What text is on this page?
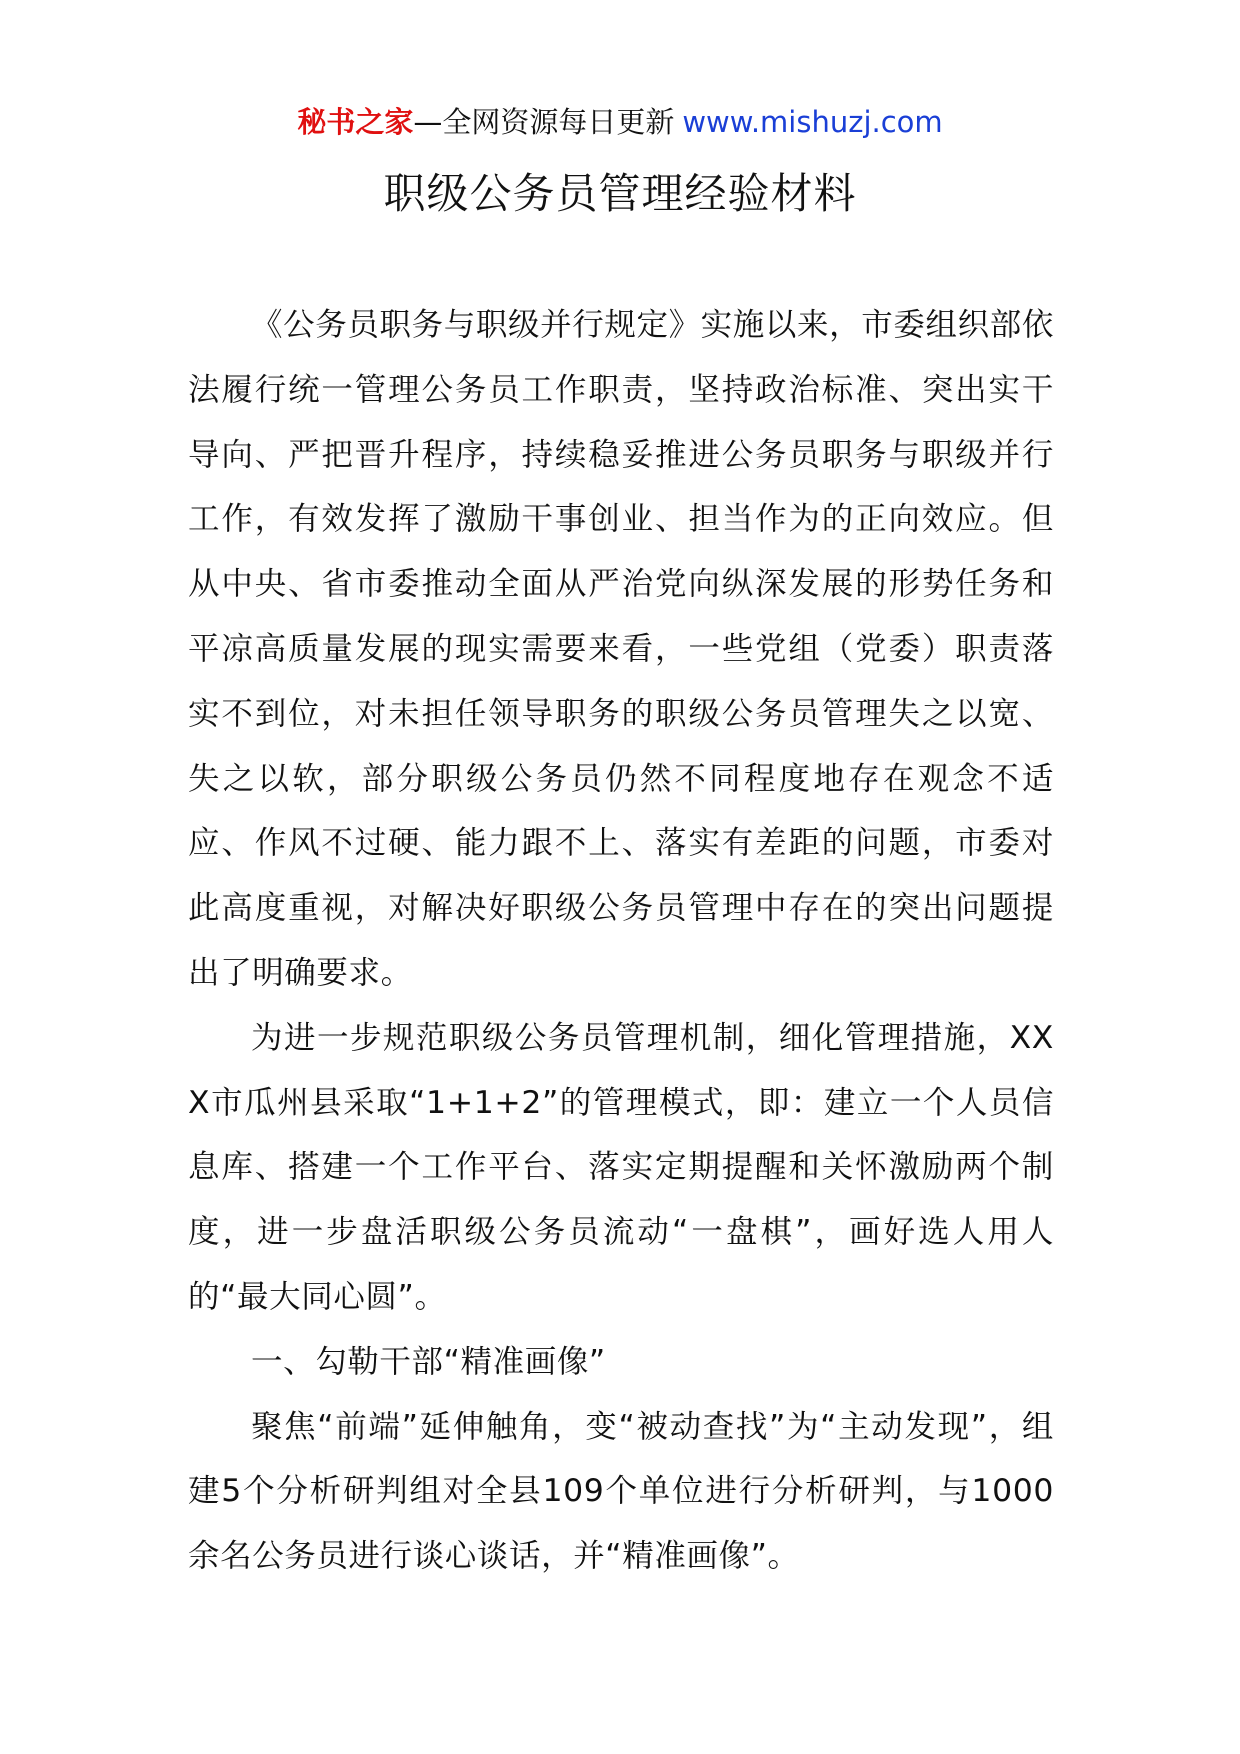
秘书之家—全网资源每日更新 www.mishuzj.com
职级公务员管理经验材料

《公务员职务与职级并行规定》实施以来，市委组织部依法履行统一管理公务员工作职责，坚持政治标准、突出实干导向、严把晋升程序，持续稳妥推进公务员职务与职级并行工作，有效发挥了激励干事创业、担当作为的正向效应。但从中央、省市委推动全面从严治党向纵深发展的形势任务和平凉高质量发展的现实需要来看，一些党组（党委）职责落实不到位，对未担任领导职务的职级公务员管理失之以宽、失之以软，部分职级公务员仍然不同程度地存在观念不适应、作风不过硬、能力跟不上、落实有差距的问题，市委对此高度重视，对解决好职级公务员管理中存在的突出问题提出了明确要求。

为进一步规范职级公务员管理机制，细化管理措施，XXX市瓜州县采取“1+1+2”的管理模式，即：建立一个人员信息库、搭建一个工作平台、落实定期提醒和关怀激励两个制度，进一步盘活职级公务员流动“一盘棋”，画好选人用人的“最大同心圆”。

一、勾勒干部“精准画像”

聚焦“前端”延伸触角，变“被动查找”为“主动发现”，组建5个分析研判组对全县109个单位进行分析研判，与1000余名公务员进行谈心谈话，并“精准画像”。
